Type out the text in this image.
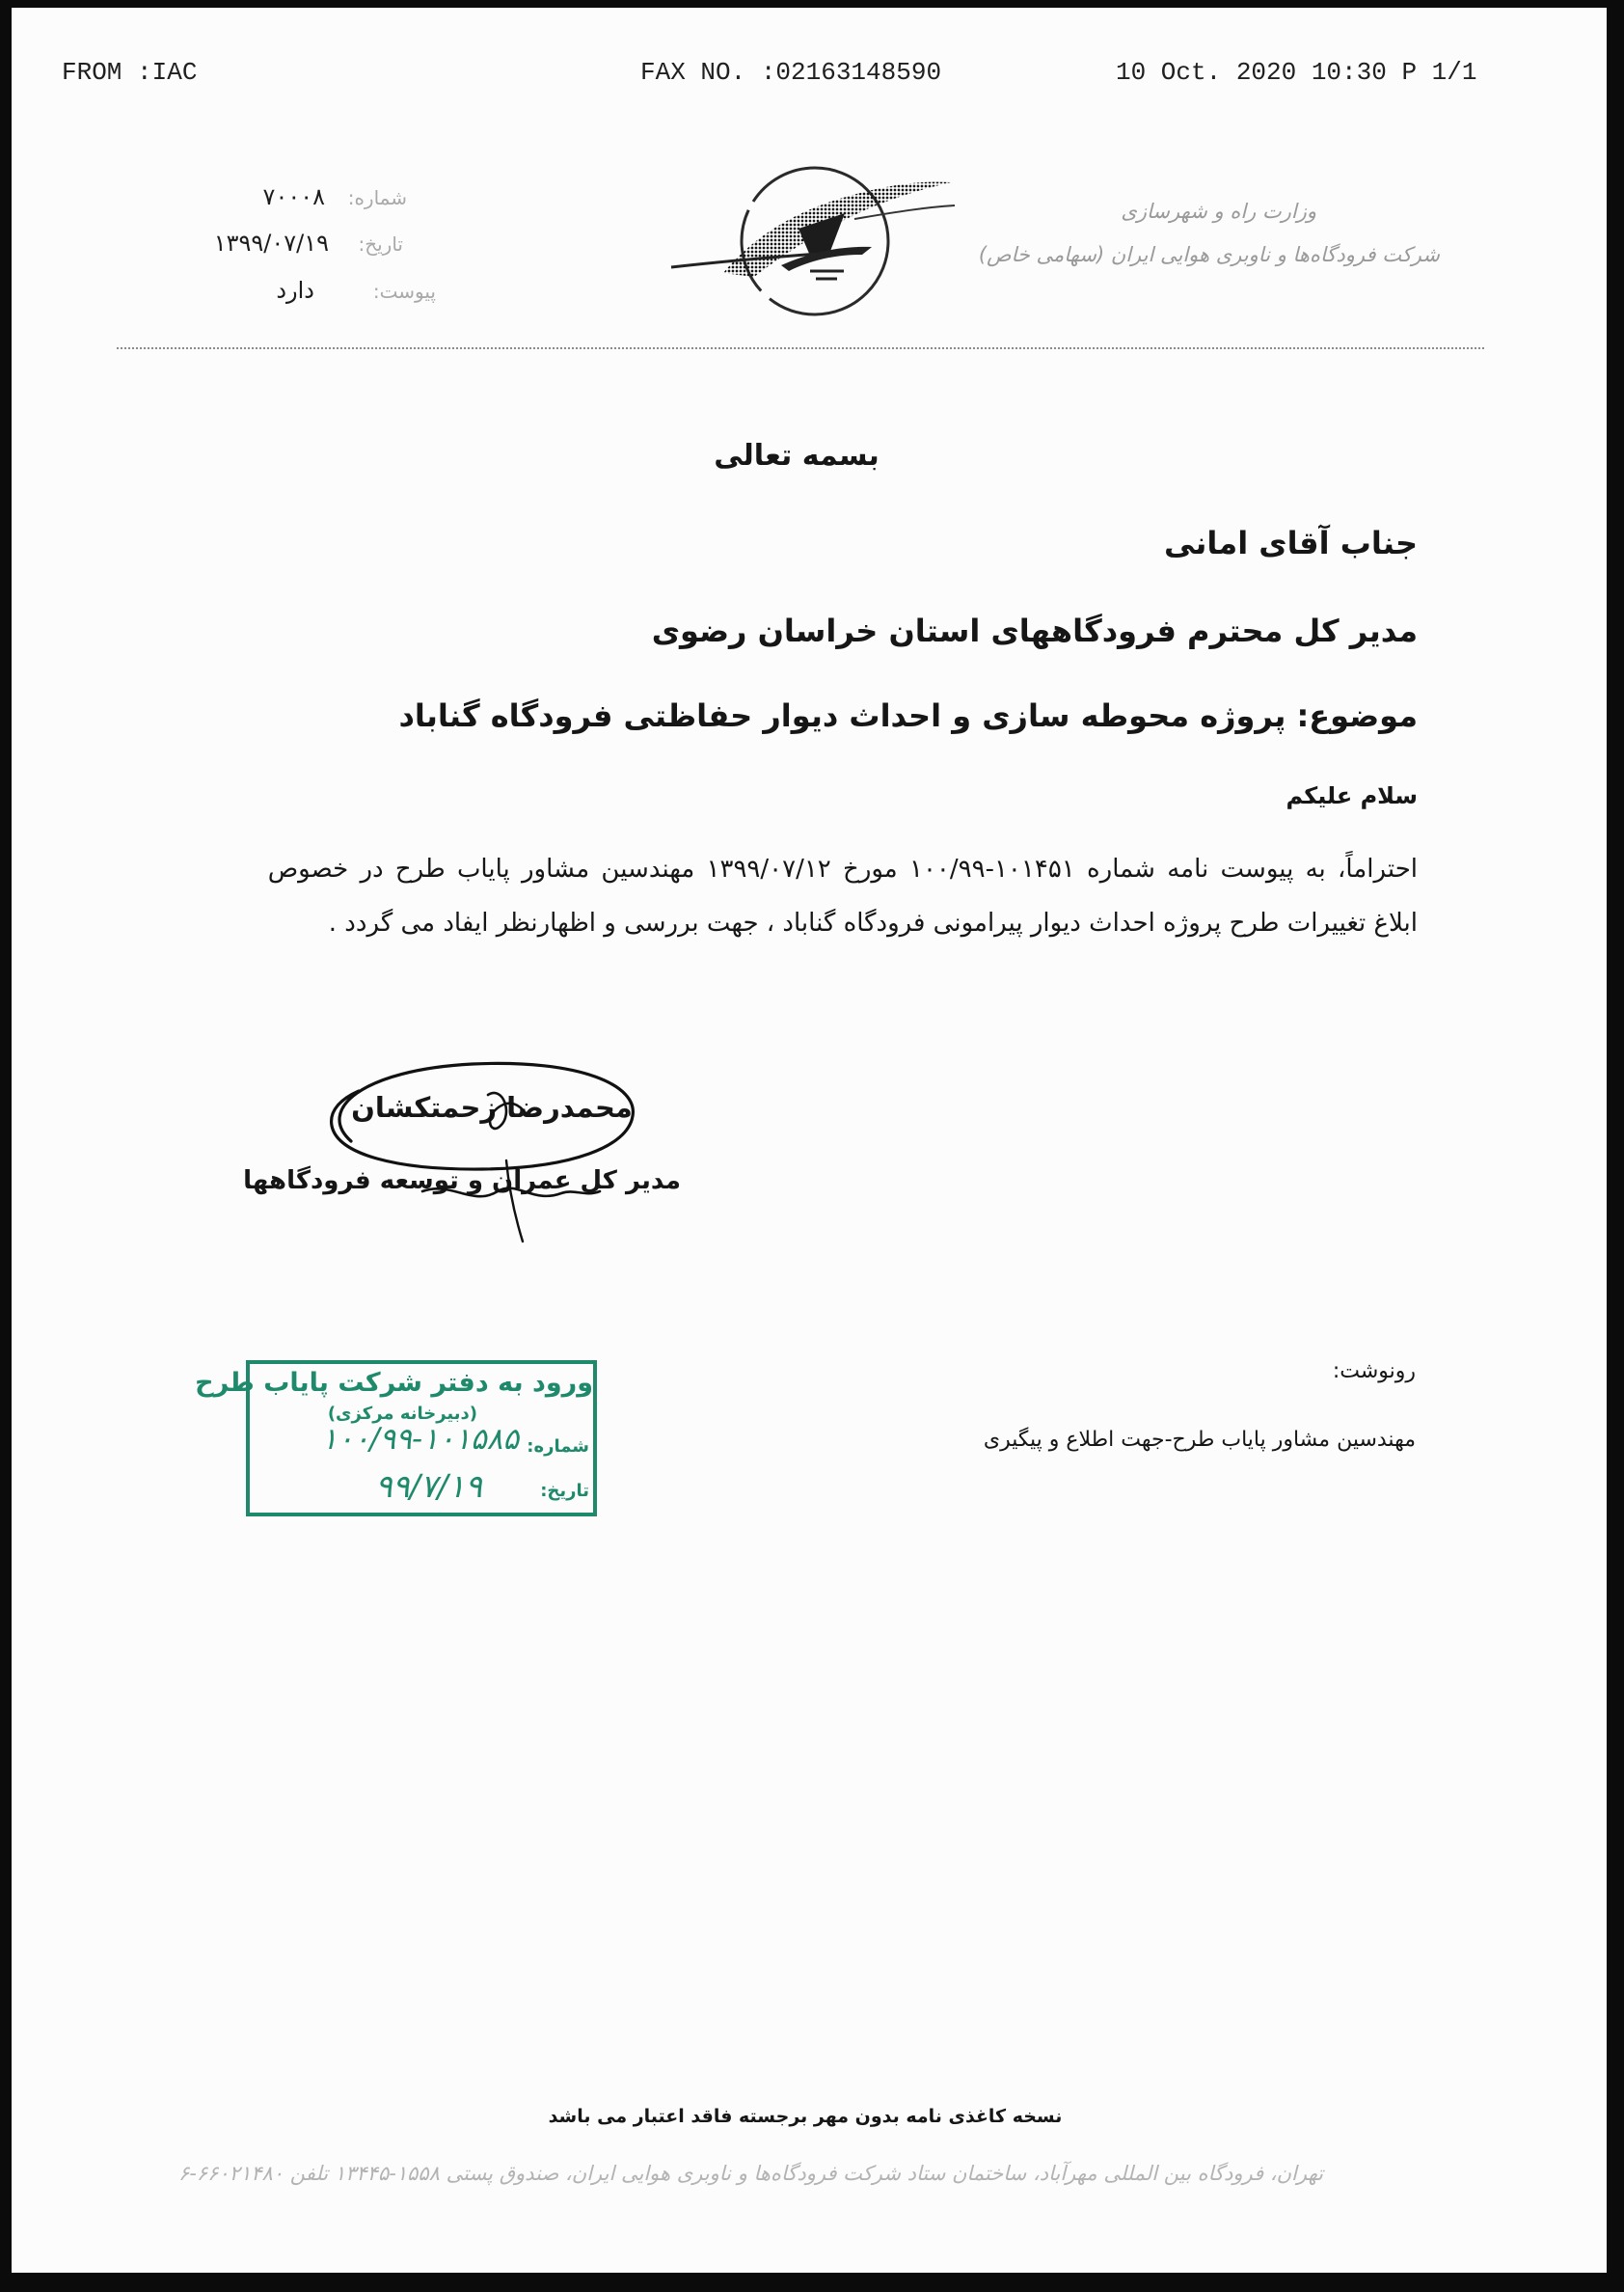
FROM :IAC	FAX NO. :02163148590	10 Oct. 2020 10:30 P 1/1
شماره:
۷۰۰۰۸
تاریخ:
۱۳۹۹/۰۷/۱۹
پیوست:
دارد
وزارت راه و شهرسازی
شرکت فرودگاه‌ها و ناوبری هوایی ایران (سهامی خاص)
بسمه تعالی
جناب آقای امانی
مدیر کل محترم فرودگاههای استان خراسان رضوی
موضوع: پروژه محوطه سازی و احداث دیوار حفاظتی فرودگاه گناباد
سلام علیکم
احتراماً، به پیوست نامه شماره ۱۰۰/۹۹-۱۰۱۴۵۱ مورخ ۱۳۹۹/۰۷/۱۲ مهندسین مشاور پایاب طرح در خصوص
ابلاغ تغییرات طرح پروژه احداث دیوار پیرامونی فرودگاه گناباد ، جهت بررسی و اظهارنظر ایفاد می گردد .
محمدرضا زحمتکشان
مدیر کل عمران و توسعه فرودگاهها
رونوشت:
مهندسین مشاور پایاب طرح-جهت اطلاع و پیگیری
ورود به دفتر شرکت پایاب طرح
(دبیرخانه مرکزی)
شماره:
۱۰۰/۹۹-۱۰۱۵۸۵
تاریخ:
۹۹/۷/۱۹
نسخه کاغذی نامه بدون مهر برجسته فاقد اعتبار می باشد
تهران، فرودگاه بین المللی مهرآباد، ساختمان ستاد شرکت فرودگاه‌ها و ناوبری هوایی ایران، صندوق پستی ۱۵۵۸-۱۳۴۴۵ تلفن ۶۶۰۲۱۴۸۰-۶
